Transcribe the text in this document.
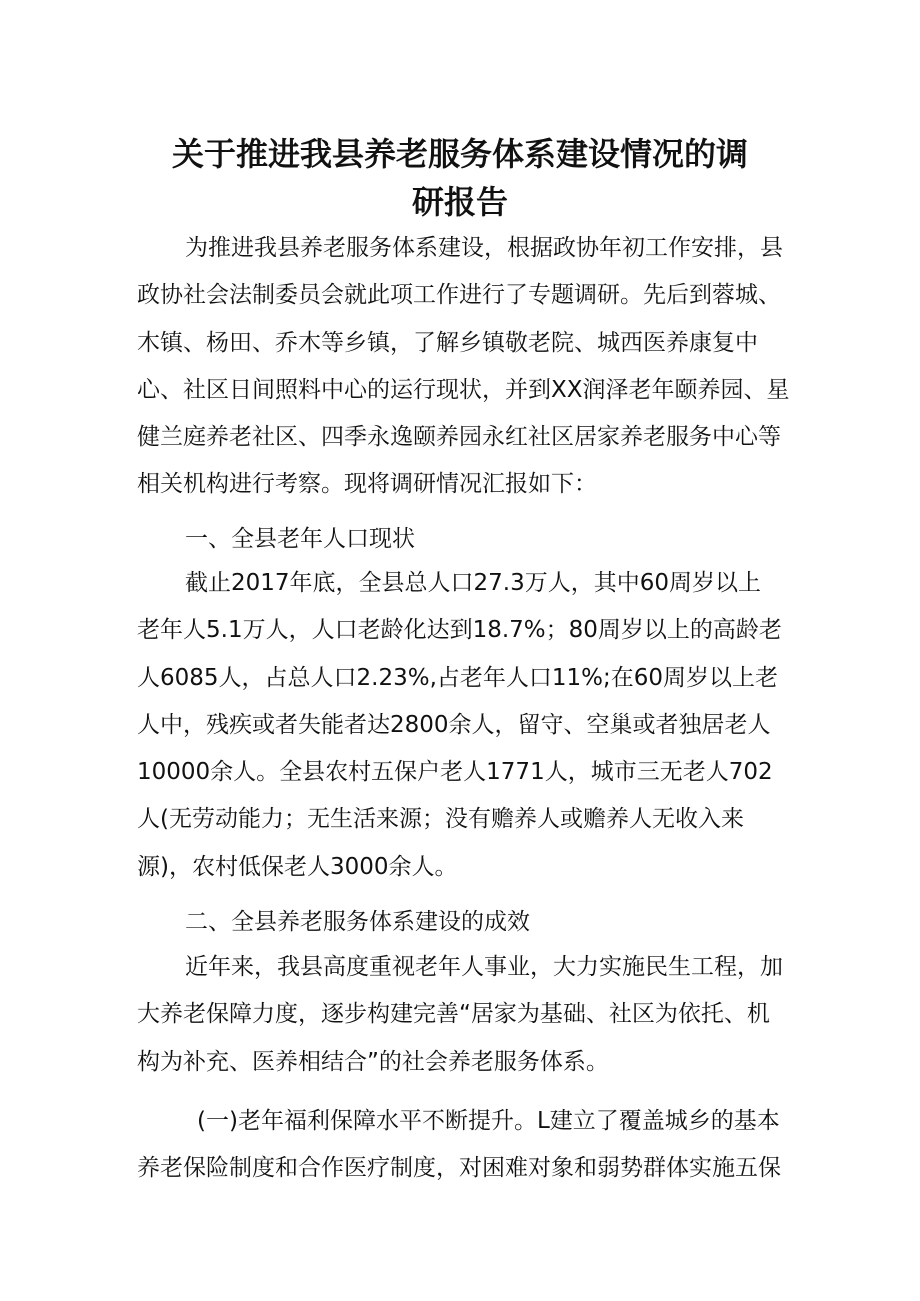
关于推进我县养老服务体系建设情况的调
研报告
为推进我县养老服务体系建设，根据政协年初工作安排，县
政协社会法制委员会就此项工作进行了专题调研。先后到蓉城、
木镇、杨田、乔木等乡镇，了解乡镇敬老院、城西医养康复中
心、社区日间照料中心的运行现状，并到XX润泽老年颐养园、星
健兰庭养老社区、四季永逸颐养园永红社区居家养老服务中心等
相关机构进行考察。现将调研情况汇报如下：
一、全县老年人口现状
截止2017年底，全县总人口27.3万人，其中60周岁以上
老年人5.1万人，人口老龄化达到18.7%；80周岁以上的高龄老
人6085人，占总人口2.23%,占老年人口11%;在60周岁以上老
人中，残疾或者失能者达2800余人，留守、空巢或者独居老人
10000余人。全县农村五保户老人1771人，城市三无老人702
人(无劳动能力；无生活来源；没有赡养人或赡养人无收入来
源)，农村低保老人3000余人。
二、全县养老服务体系建设的成效
近年来，我县高度重视老年人事业，大力实施民生工程，加
大养老保障力度，逐步构建完善“居家为基础、社区为依托、机
构为补充、医养相结合”的社会养老服务体系。
(一)老年福利保障水平不断提升。L建立了覆盖城乡的基本
养老保险制度和合作医疗制度，对困难对象和弱势群体实施五保
